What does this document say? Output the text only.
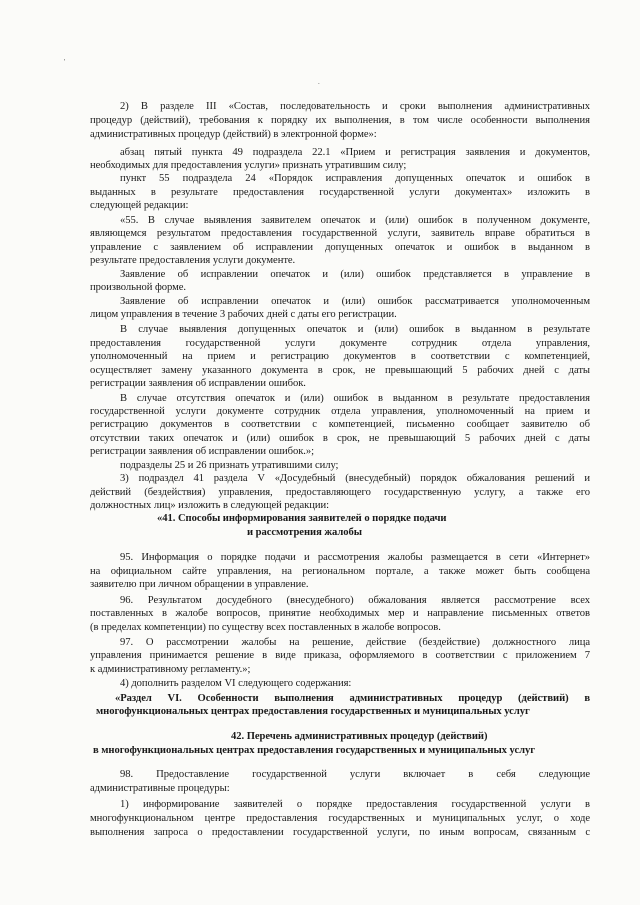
'
.
2) В разделе III «Состав, последовательность и сроки выполнения административных
процедур (действий), требования к порядку их выполнения, в том числе особенности выполнения
административных процедур (действий) в электронной форме»:
абзац пятый пункта 49 подраздела 22.1 «Прием и регистрация заявления и документов,
необходимых для предоставления услуги» признать утратившим силу;
пункт 55 подраздела 24 «Порядок исправления допущенных опечаток и ошибок в
выданных в результате предоставления государственной услуги документах» изложить в
следующей редакции:
«55. В случае выявления заявителем опечаток и (или) ошибок в полученном документе,
являющемся результатом предоставления государственной услуги, заявитель вправе обратиться в
управление с заявлением об исправлении допущенных опечаток и ошибок в выданном в
результате предоставления услуги документе.
Заявление об исправлении опечаток и (или) ошибок представляется в управление в
произвольной форме.
Заявление об исправлении опечаток и (или) ошибок рассматривается уполномоченным
лицом управления в течение 3 рабочих дней с даты его регистрации.
В случае выявления допущенных опечаток и (или) ошибок в выданном в результате
предоставления государственной услуги документе сотрудник отдела управления,
уполномоченный на прием и регистрацию документов в соответствии с компетенцией,
осуществляет замену указанного документа в срок, не превышающий 5 рабочих дней с даты
регистрации заявления об исправлении ошибок.
В случае отсутствия опечаток и (или) ошибок в выданном в результате предоставления
государственной услуги документе сотрудник отдела управления, уполномоченный на прием и
регистрацию документов в соответствии с компетенцией, письменно сообщает заявителю об
отсутствии таких опечаток и (или) ошибок в срок, не превышающий 5 рабочих дней с даты
регистрации заявления об исправлении ошибок.»;
подразделы 25 и 26 признать утратившими силу;
3) подраздел 41 раздела V «Досудебный (внесудебный) порядок обжалования решений и
действий (бездействия) управления, предоставляющего государственную услугу, а также его
должностных лиц» изложить в следующей редакции:
«41. Способы информирования заявителей о порядке подачи
и рассмотрения жалобы
95. Информация о порядке подачи и рассмотрения жалобы размещается в сети «Интернет»
на официальном сайте управления, на региональном портале, а также может быть сообщена
заявителю при личном обращении в управление.
96. Результатом досудебного (внесудебного) обжалования является рассмотрение всех
поставленных в жалобе вопросов, принятие необходимых мер и направление письменных ответов
(в пределах компетенции) по существу всех поставленных в жалобе вопросов.
97. О рассмотрении жалобы на решение, действие (бездействие) должностного лица
управления принимается решение в виде приказа, оформляемого в соответствии с приложением 7
к административному регламенту.»;
4) дополнить разделом VI следующего содержания:
«Раздел VI. Особенности выполнения административных процедур (действий) в
многофункциональных центрах предоставления государственных и муниципальных услуг
42. Перечень административных процедур (действий)
в многофункциональных центрах предоставления государственных и муниципальных услуг
98. Предоставление государственной услуги включает в себя следующие
административные процедуры:
1) информирование заявителей о порядке предоставления государственной услуги в
многофункциональном центре предоставления государственных и муниципальных услуг, о ходе
выполнения запроса о предоставлении государственной услуги, по иным вопросам, связанным с
